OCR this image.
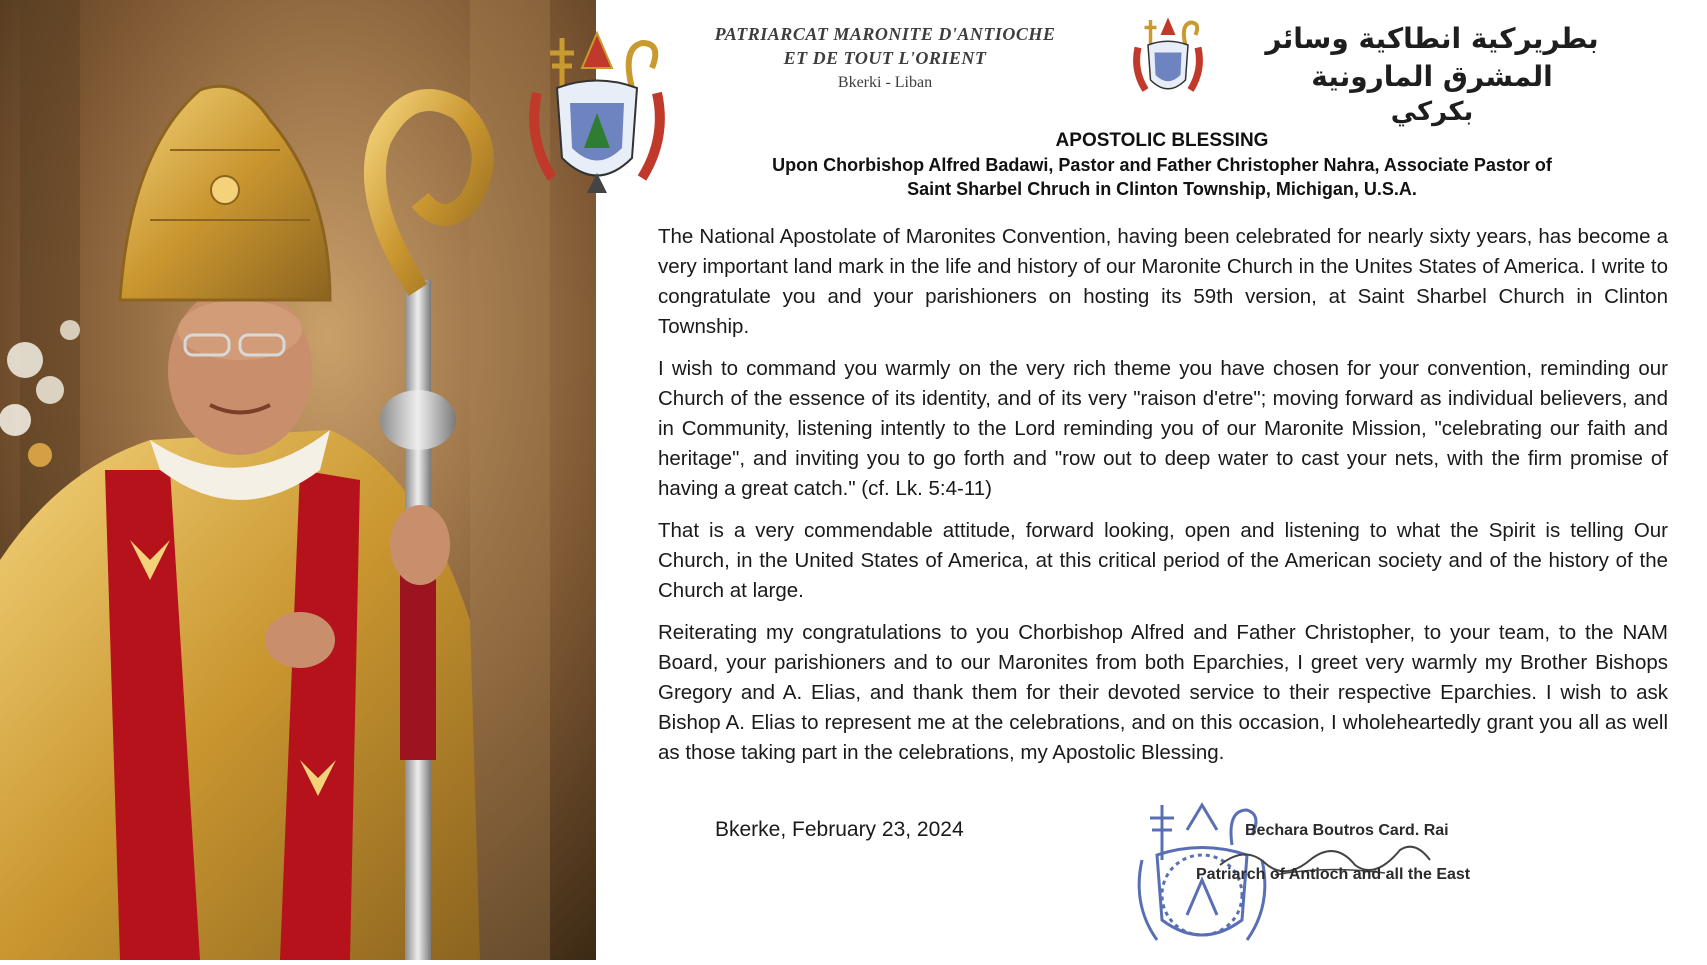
PATRIARCAT MARONITE D'ANTIOCHE
ET DE TOUT L'ORIENT
Bkerki - Liban
بطريركية انطاكية وسائر المشرق المارونية
بكركي
APOSTOLIC BLESSING
Upon Chorbishop Alfred Badawi, Pastor and Father Christopher Nahra, Associate Pastor of
Saint Sharbel Chruch in Clinton Township, Michigan, U.S.A.

The National Apostolate of Maronites Convention, having been celebrated for nearly sixty years, has become a very important land mark in the life and history of our Maronite Church in the Unites States of America. I write to congratulate you and your parishioners on hosting its 59th version, at Saint Sharbel Church in Clinton Township.

I wish to command you warmly on the very rich theme you have chosen for your convention, reminding our Church of the essence of its identity, and of its very "raison d'etre"; moving forward as individual believers, and in Community, listening intently to the Lord reminding you of our Maronite Mission, "celebrating our faith and heritage", and inviting you to go forth and "row out to deep water to cast your nets, with the firm promise of having a great catch." (cf. Lk. 5:4-11)

That is a very commendable attitude, forward looking, open and listening to what the Spirit is telling Our Church, in the United States of America, at this critical period of the American society and of the history of the Church at large.

Reiterating my congratulations to you Chorbishop Alfred and Father Christopher, to your team, to the NAM Board, your parishioners and to our Maronites from both Eparchies, I greet very warmly my Brother Bishops Gregory and A. Elias, and thank them for their devoted service to their respective Eparchies. I wish to ask Bishop A. Elias to represent me at the celebrations, and on this occasion, I wholeheartedly grant you all as well as those taking part in the celebrations, my Apostolic Blessing.

Bkerke, February 23, 2024	Bechara Boutros Card. Rai
Patriarch of Antioch and all the East
